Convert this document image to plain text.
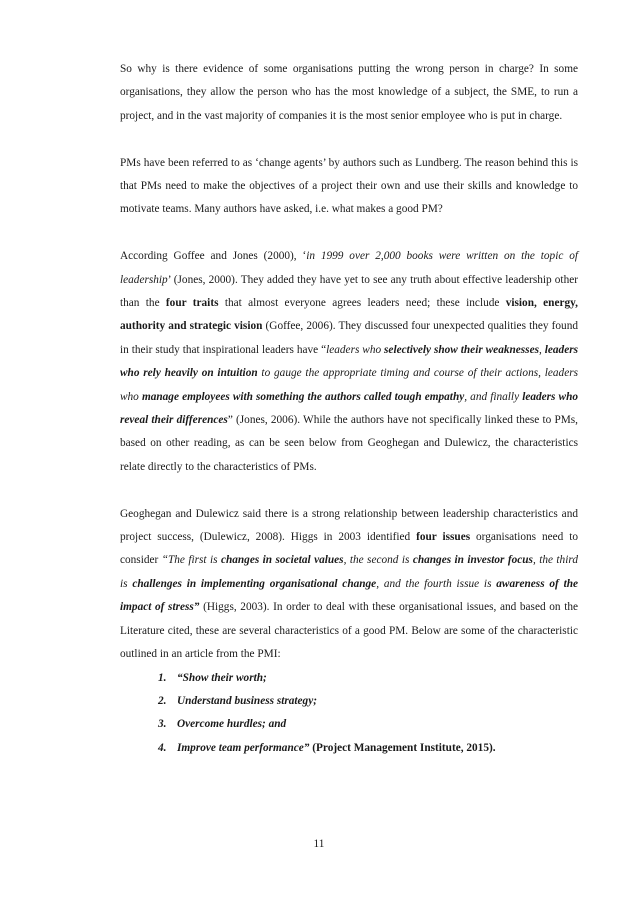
So why is there evidence of some organisations putting the wrong person in charge? In some organisations, they allow the person who has the most knowledge of a subject, the SME, to run a project, and in the vast majority of companies it is the most senior employee who is put in charge.

PMs have been referred to as ‘change agents’ by authors such as Lundberg. The reason behind this is that PMs need to make the objectives of a project their own and use their skills and knowledge to motivate teams. Many authors have asked, i.e. what makes a good PM?

According Goffee and Jones (2000), ‘in 1999 over 2,000 books were written on the topic of leadership’ (Jones, 2000). They added they have yet to see any truth about effective leadership other than the four traits that almost everyone agrees leaders need; these include vision, energy, authority and strategic vision (Goffee, 2006). They discussed four unexpected qualities they found in their study that inspirational leaders have “leaders who selectively show their weaknesses, leaders who rely heavily on intuition to gauge the appropriate timing and course of their actions, leaders who manage employees with something the authors called tough empathy, and finally leaders who reveal their differences” (Jones, 2006). While the authors have not specifically linked these to PMs, based on other reading, as can be seen below from Geoghegan and Dulewicz, the characteristics relate directly to the characteristics of PMs.

Geoghegan and Dulewicz said there is a strong relationship between leadership characteristics and project success, (Dulewicz, 2008). Higgs in 2003 identified four issues organisations need to consider “The first is changes in societal values, the second is changes in investor focus, the third is challenges in implementing organisational change, and the fourth issue is awareness of the impact of stress” (Higgs, 2003). In order to deal with these organisational issues, and based on the Literature cited, these are several characteristics of a good PM. Below are some of the characteristic outlined in an article from the PMI:

1. “Show their worth;
2. Understand business strategy;
3. Overcome hurdles; and
4. Improve team performance” (Project Management Institute, 2015).
11
